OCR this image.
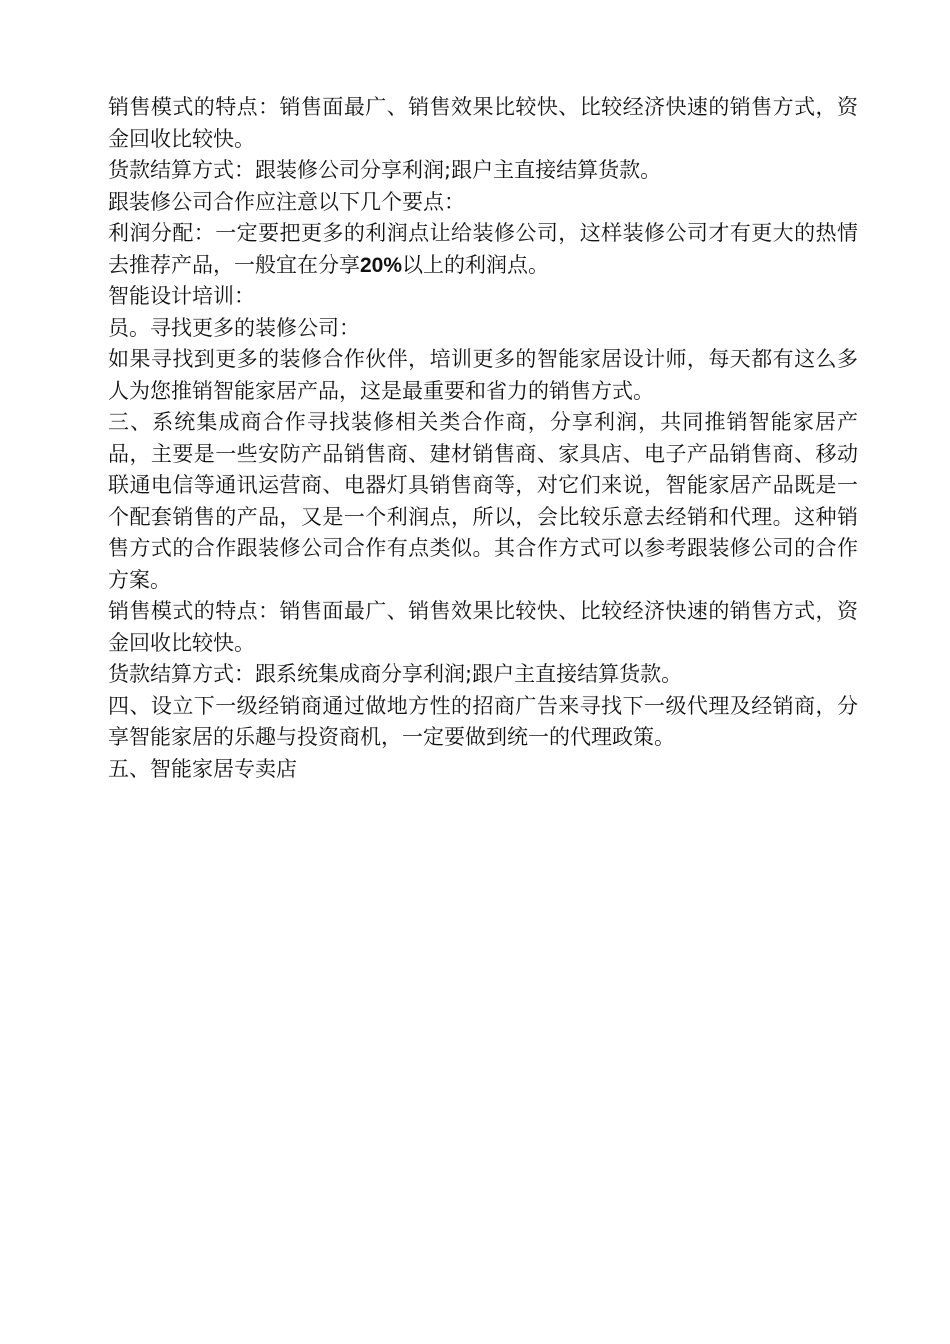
销售模式的特点：销售面最广、销售效果比较快、比较经济快速的销售方式，资金回收比较快。

货款结算方式：跟装修公司分享利润;跟户主直接结算货款。

跟装修公司合作应注意以下几个要点：

利润分配：一定要把更多的利润点让给装修公司，这样装修公司才有更大的热情去推荐产品，一般宜在分享20%以上的利润点。

智能设计培训：

员。寻找更多的装修公司：

如果寻找到更多的装修合作伙伴，培训更多的智能家居设计师，每天都有这么多人为您推销智能家居产品，这是最重要和省力的销售方式。

三、系统集成商合作寻找装修相关类合作商，分享利润，共同推销智能家居产品，主要是一些安防产品销售商、建材销售商、家具店、电子产品销售商、移动联通电信等通讯运营商、电器灯具销售商等，对它们来说，智能家居产品既是一个配套销售的产品，又是一个利润点，所以，会比较乐意去经销和代理。这种销售方式的合作跟装修公司合作有点类似。其合作方式可以参考跟装修公司的合作方案。

销售模式的特点：销售面最广、销售效果比较快、比较经济快速的销售方式，资金回收比较快。

货款结算方式：跟系统集成商分享利润;跟户主直接结算货款。

四、设立下一级经销商通过做地方性的招商广告来寻找下一级代理及经销商，分享智能家居的乐趣与投资商机，一定要做到统一的代理政策。

五、智能家居专卖店
